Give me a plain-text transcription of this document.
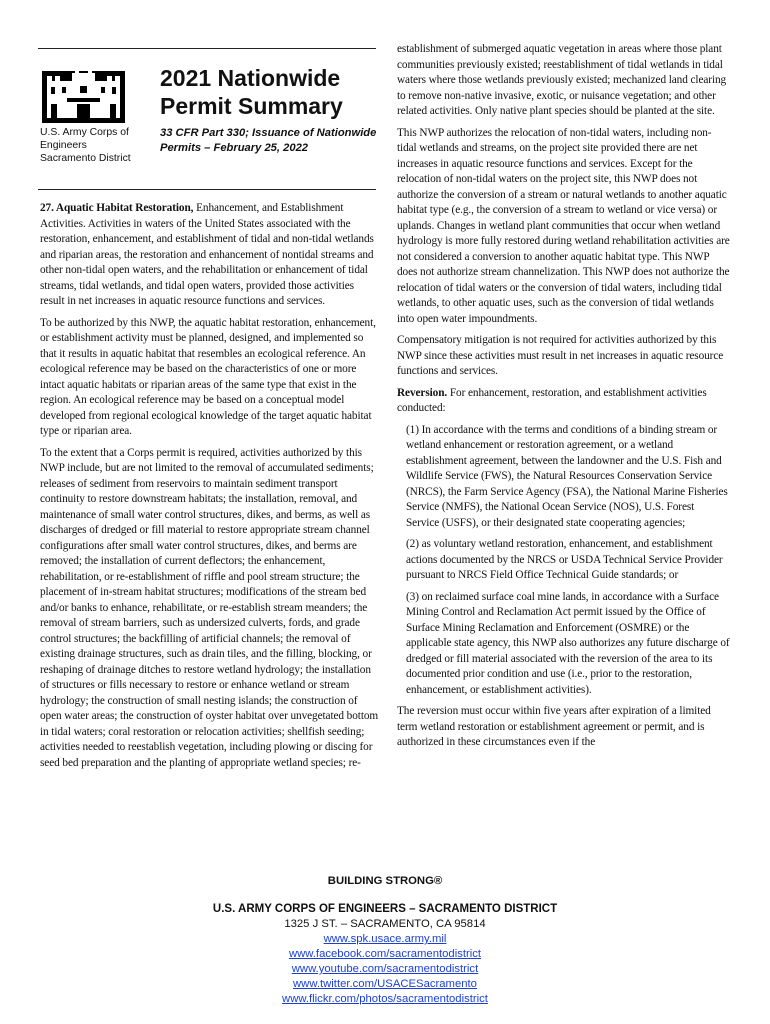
U.S. Army Corps of
Engineers
Sacramento District
2021 Nationwide
Permit Summary

33 CFR Part 330; Issuance of Nationwide Permits – February 25, 2022

27. Aquatic Habitat Restoration, Enhancement, and Establishment Activities. Activities in waters of the United States associated with the restoration, enhancement, and establishment of tidal and non-tidal wetlands and riparian areas, the restoration and enhancement of nontidal streams and other non-tidal open waters, and the rehabilitation or enhancement of tidal streams, tidal wetlands, and tidal open waters, provided those activities result in net increases in aquatic resource functions and services.

To be authorized by this NWP, the aquatic habitat restoration, enhancement, or establishment activity must be planned, designed, and implemented so that it results in aquatic habitat that resembles an ecological reference. An ecological reference may be based on the characteristics of one or more intact aquatic habitats or riparian areas of the same type that exist in the region. An ecological reference may be based on a conceptual model developed from regional ecological knowledge of the target aquatic habitat type or riparian area.

To the extent that a Corps permit is required, activities authorized by this NWP include, but are not limited to the removal of accumulated sediments; releases of sediment from reservoirs to maintain sediment transport continuity to restore downstream habitats; the installation, removal, and maintenance of small water control structures, dikes, and berms, as well as discharges of dredged or fill material to restore appropriate stream channel configurations after small water control structures, dikes, and berms are removed; the installation of current deflectors; the enhancement, rehabilitation, or re-establishment of riffle and pool stream structure; the placement of in-stream habitat structures; modifications of the stream bed and/or banks to enhance, rehabilitate, or re-establish stream meanders; the removal of stream barriers, such as undersized culverts, fords, and grade control structures; the backfilling of artificial channels; the removal of existing drainage structures, such as drain tiles, and the filling, blocking, or reshaping of drainage ditches to restore wetland hydrology; the installation of structures or fills necessary to restore or enhance wetland or stream hydrology; the construction of small nesting islands; the construction of open water areas; the construction of oyster habitat over unvegetated bottom in tidal waters; coral restoration or relocation activities; shellfish seeding; activities needed to reestablish vegetation, including plowing or discing for seed bed preparation and the planting of appropriate wetland species; re-

establishment of submerged aquatic vegetation in areas where those plant communities previously existed; reestablishment of tidal wetlands in tidal waters where those wetlands previously existed; mechanized land clearing to remove non-native invasive, exotic, or nuisance vegetation; and other related activities. Only native plant species should be planted at the site.

This NWP authorizes the relocation of non-tidal waters, including non-tidal wetlands and streams, on the project site provided there are net increases in aquatic resource functions and services. Except for the relocation of non-tidal waters on the project site, this NWP does not authorize the conversion of a stream or natural wetlands to another aquatic habitat type (e.g., the conversion of a stream to wetland or vice versa) or uplands. Changes in wetland plant communities that occur when wetland hydrology is more fully restored during wetland rehabilitation activities are not considered a conversion to another aquatic habitat type. This NWP does not authorize stream channelization. This NWP does not authorize the relocation of tidal waters or the conversion of tidal waters, including tidal wetlands, to other aquatic uses, such as the conversion of tidal wetlands into open water impoundments.

Compensatory mitigation is not required for activities authorized by this NWP since these activities must result in net increases in aquatic resource functions and services.

Reversion. For enhancement, restoration, and establishment activities conducted:

(1) In accordance with the terms and conditions of a binding stream or wetland enhancement or restoration agreement, or a wetland establishment agreement, between the landowner and the U.S. Fish and Wildlife Service (FWS), the Natural Resources Conservation Service (NRCS), the Farm Service Agency (FSA), the National Marine Fisheries Service (NMFS), the National Ocean Service (NOS), U.S. Forest Service (USFS), or their designated state cooperating agencies;

(2) as voluntary wetland restoration, enhancement, and establishment actions documented by the NRCS or USDA Technical Service Provider pursuant to NRCS Field Office Technical Guide standards; or

(3) on reclaimed surface coal mine lands, in accordance with a Surface Mining Control and Reclamation Act permit issued by the Office of Surface Mining Reclamation and Enforcement (OSMRE) or the applicable state agency, this NWP also authorizes any future discharge of dredged or fill material associated with the reversion of the area to its documented prior condition and use (i.e., prior to the restoration, enhancement, or establishment activities).

The reversion must occur within five years after expiration of a limited term wetland restoration or establishment agreement or permit, and is authorized in these circumstances even if the

BUILDING STRONG®
U.S. ARMY CORPS OF ENGINEERS – SACRAMENTO DISTRICT
1325 J ST. – SACRAMENTO, CA 95814
www.spk.usace.army.mil
www.facebook.com/sacramentodistrict
www.youtube.com/sacramentodistrict
www.twitter.com/USACESacramento
www.flickr.com/photos/sacramentodistrict
